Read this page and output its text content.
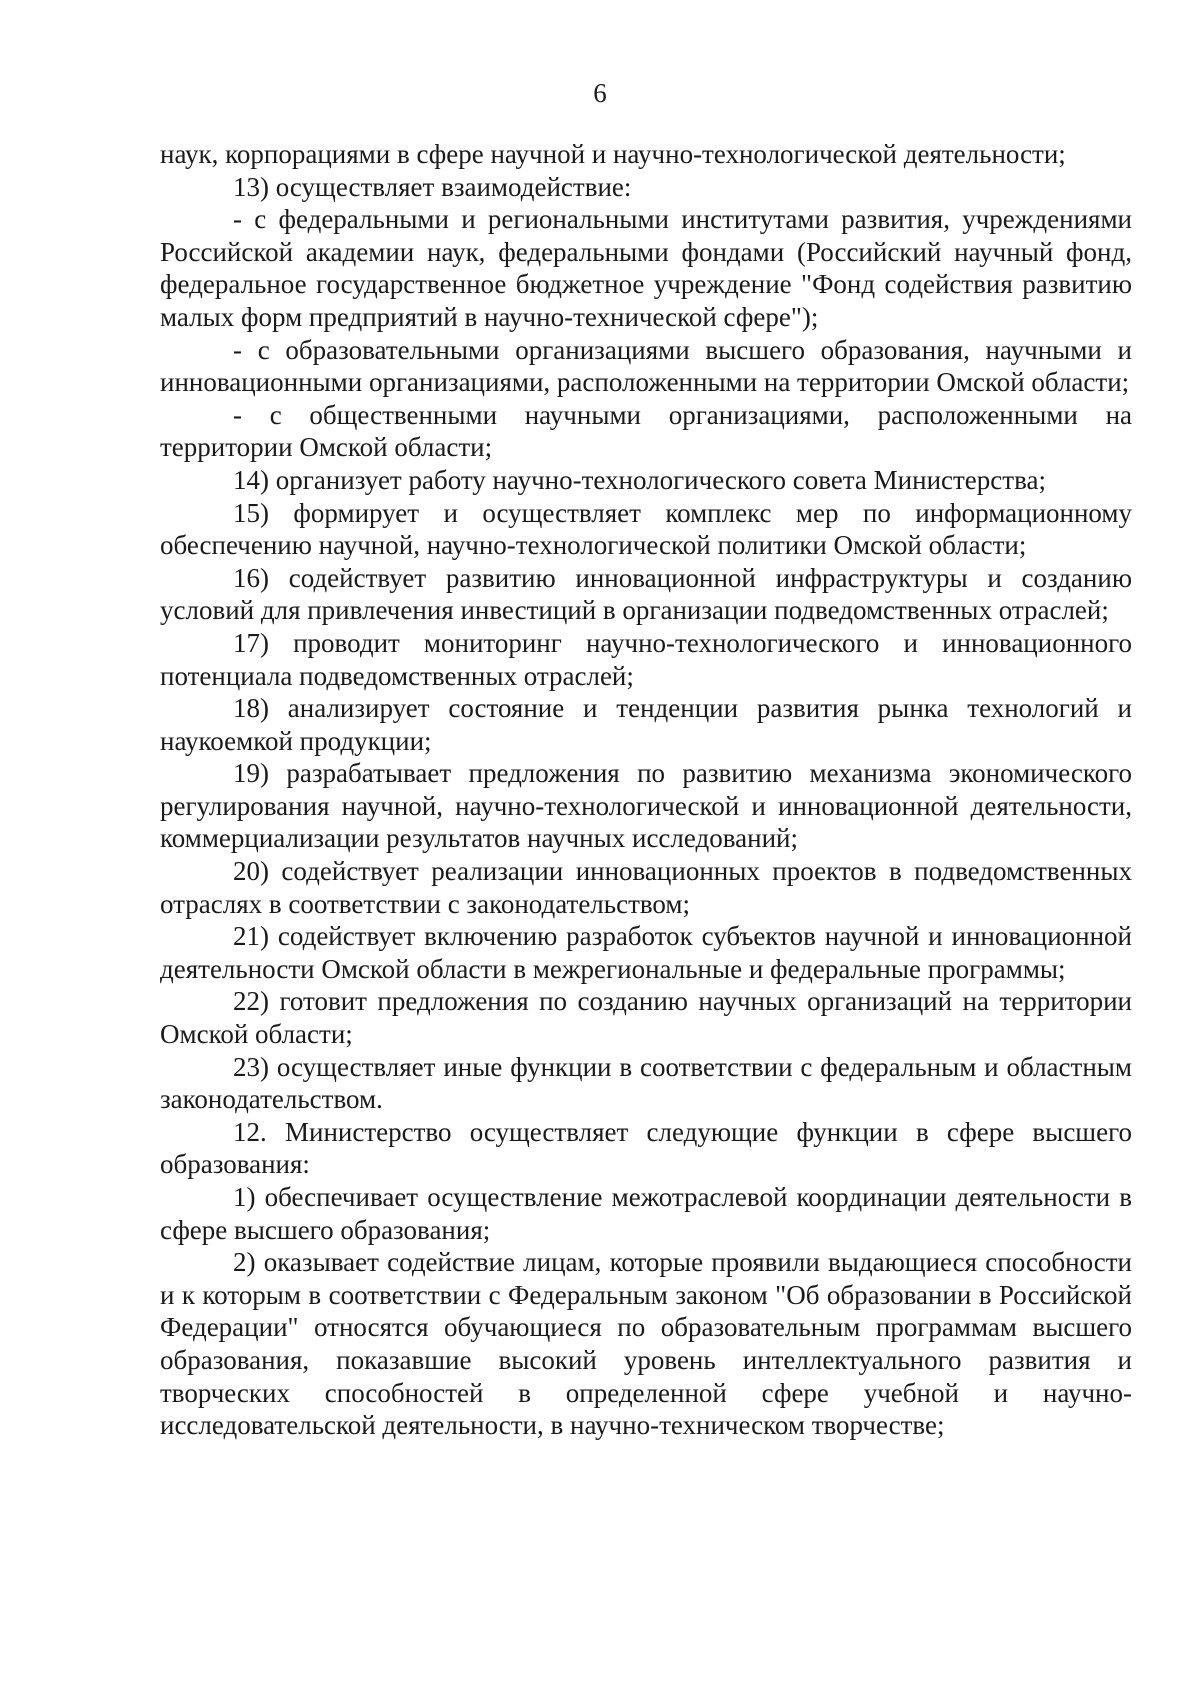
6

наук, корпорациями в сфере научной и научно-технологической деятельности;

13) осуществляет взаимодействие:

- с федеральными и региональными институтами развития, учреждениями Российской академии наук, федеральными фондами (Российский научный фонд, федеральное государственное бюджетное учреждение "Фонд содействия развитию малых форм предприятий в научно-технической сфере");

- с образовательными организациями высшего образования, научными и инновационными организациями, расположенными на территории Омской области;

- с общественными научными организациями, расположенными на территории Омской области;

14) организует работу научно-технологического совета Министерства;

15) формирует и осуществляет комплекс мер по информационному обеспечению научной, научно-технологической политики Омской области;

16) содействует развитию инновационной инфраструктуры и созданию условий для привлечения инвестиций в организации подведомственных отраслей;

17) проводит мониторинг научно-технологического и инновационного потенциала подведомственных отраслей;

18) анализирует состояние и тенденции развития рынка технологий и наукоемкой продукции;

19) разрабатывает предложения по развитию механизма экономического регулирования научной, научно-технологической и инновационной деятельности, коммерциализации результатов научных исследований;

20) содействует реализации инновационных проектов в подведомственных отраслях в соответствии с законодательством;

21) содействует включению разработок субъектов научной и инновационной деятельности Омской области в межрегиональные и федеральные программы;

22) готовит предложения по созданию научных организаций на территории Омской области;

23) осуществляет иные функции в соответствии с федеральным и областным законодательством.

12. Министерство осуществляет следующие функции в сфере высшего образования:

1) обеспечивает осуществление межотраслевой координации деятельности в сфере высшего образования;

2) оказывает содействие лицам, которые проявили выдающиеся способности и к которым в соответствии с Федеральным законом "Об образовании в Российской Федерации" относятся обучающиеся по образовательным программам высшего образования, показавшие высокий уровень интеллектуального развития и творческих способностей в определенной сфере учебной и научно-исследовательской деятельности, в научно-техническом творчестве;
